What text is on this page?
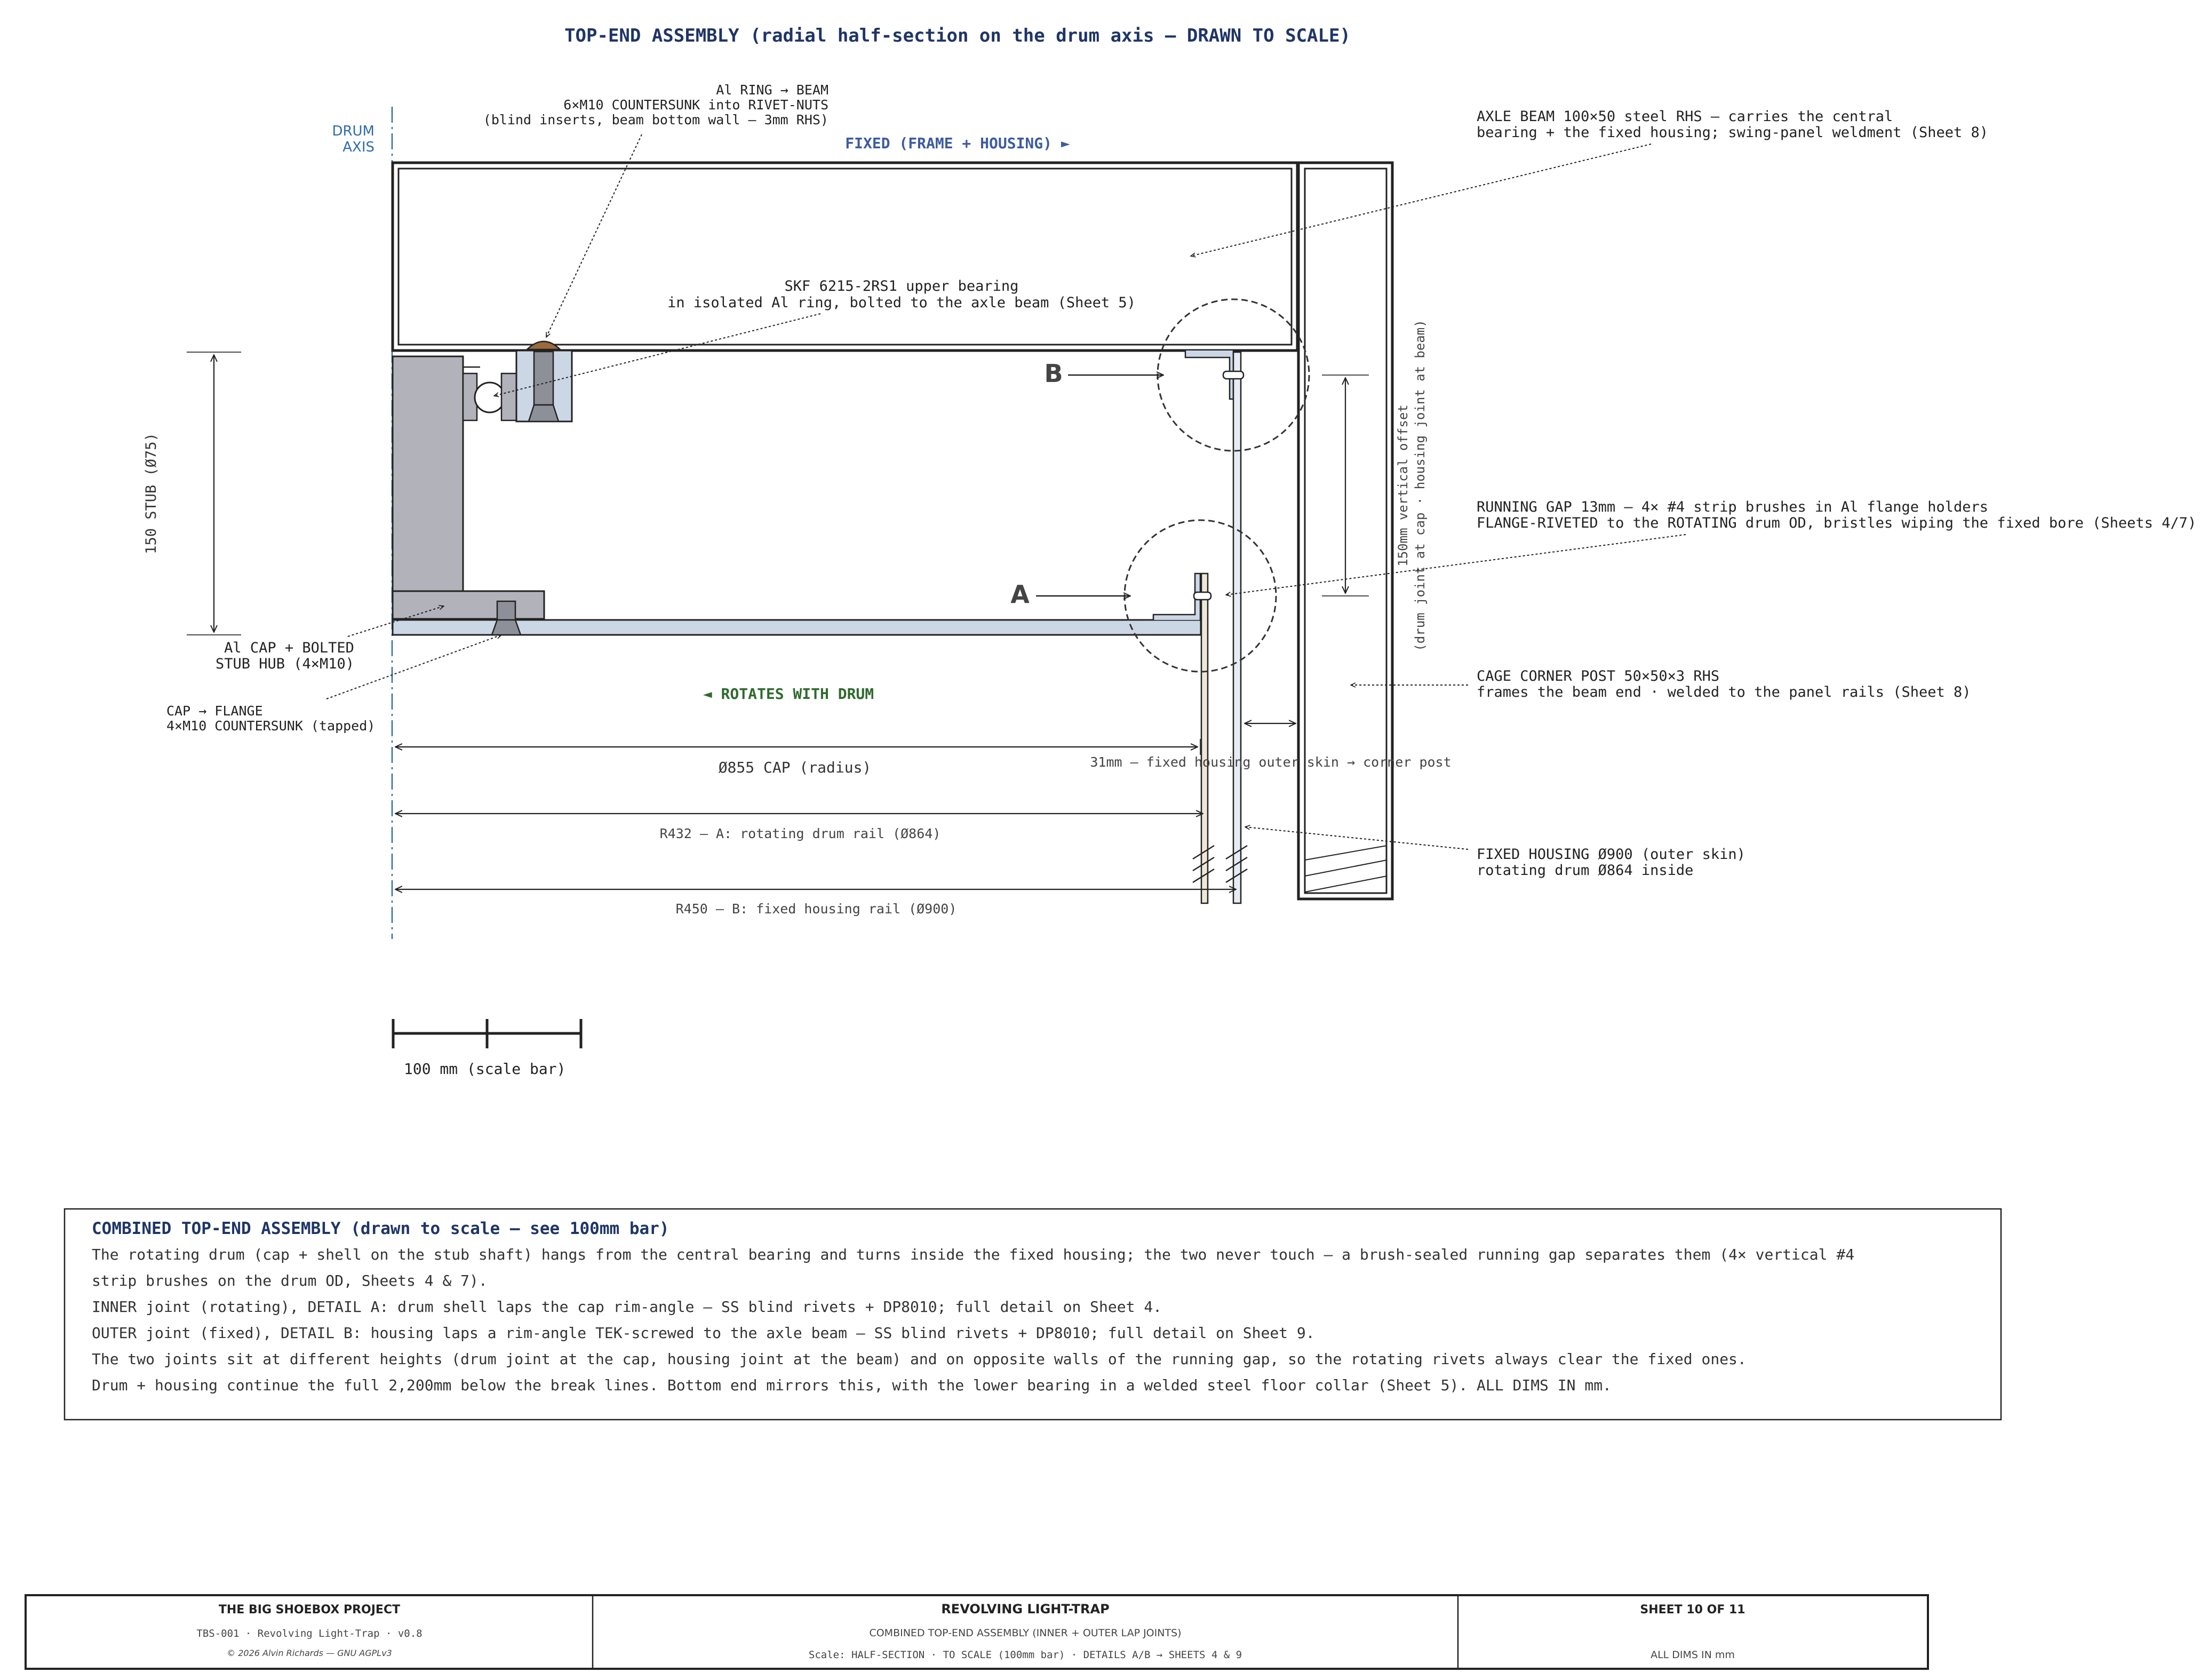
TOP-END ASSEMBLY (radial half-section on the drum axis — DRAWN TO SCALE)
DRUM
AXIS	FIXED (FRAME + HOUSING) ►
B
A
150 STUB (Ø75)	150mm vertical offset (drum joint at cap · housing joint at beam)
Ø855 CAP (radius)
R432 — A: rotating drum rail (Ø864)
R450 — B: fixed housing rail (Ø900)
31mm — fixed housing outer skin → corner post
◄ ROTATES WITH DRUM
Al RING → BEAM
6×M10 COUNTERSUNK into RIVET-NUTS
(blind inserts, beam bottom wall — 3mm RHS)
SKF 6215-2RS1 upper bearing
in isolated Al ring, bolted to the axle beam (Sheet 5)
AXLE BEAM 100×50 steel RHS — carries the central
bearing + the fixed housing; swing-panel weldment (Sheet 8)
RUNNING GAP 13mm — 4× #4 strip brushes in Al flange holders
FLANGE-RIVETED to the ROTATING drum OD, bristles wiping the fixed bore (Sheets 4/7)
CAGE CORNER POST 50×50×3 RHS
frames the beam end · welded to the panel rails (Sheet 8)
FIXED HOUSING Ø900 (outer skin)
rotating drum Ø864 inside
Al CAP + BOLTED
STUB HUB (4×M10)
CAP → FLANGE
4×M10 COUNTERSUNK (tapped)
100 mm (scale bar)
COMBINED TOP-END ASSEMBLY (drawn to scale — see 100mm bar)
The rotating drum (cap + shell on the stub shaft) hangs from the central bearing and turns inside the fixed housing; the two never touch — a brush-sealed running gap separates them (4× vertical #4
strip brushes on the drum OD, Sheets 4 & 7).
INNER joint (rotating), DETAIL A: drum shell laps the cap rim-angle — SS blind rivets + DP8010; full detail on Sheet 4.
OUTER joint (fixed), DETAIL B: housing laps a rim-angle TEK-screwed to the axle beam — SS blind rivets + DP8010; full detail on Sheet 9.
The two joints sit at different heights (drum joint at the cap, housing joint at the beam) and on opposite walls of the running gap, so the rotating rivets always clear the fixed ones.
Drum + housing continue the full 2,200mm below the break lines. Bottom end mirrors this, with the lower bearing in a welded steel floor collar (Sheet 5). ALL DIMS IN mm.
THE BIG SHOEBOX PROJECT
TBS-001 · Revolving Light-Trap · v0.8
© 2026 Alvin Richards — GNU AGPLv3
REVOLVING LIGHT-TRAP
COMBINED TOP-END ASSEMBLY (INNER + OUTER LAP JOINTS)
Scale: HALF-SECTION · TO SCALE (100mm bar) · DETAILS A/B → SHEETS 4 & 9
SHEET 10 OF 11
ALL DIMS IN mm
